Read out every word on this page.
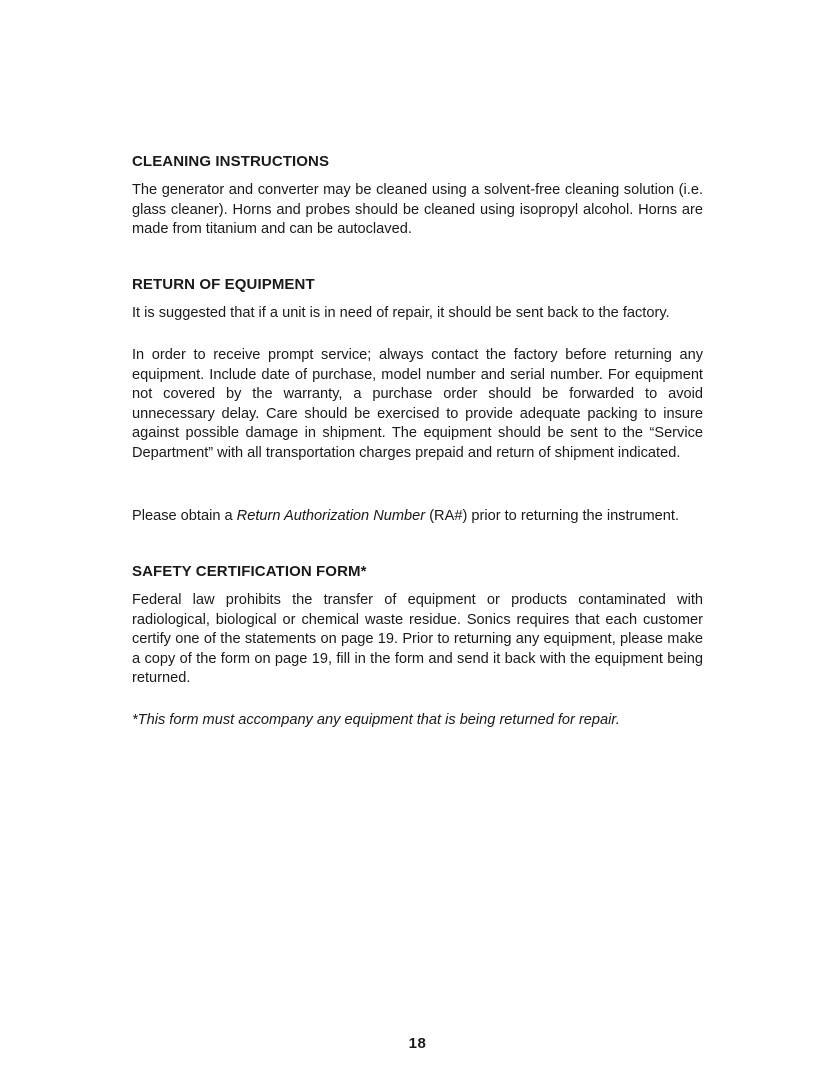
CLEANING INSTRUCTIONS

The generator and converter may be cleaned using a solvent-free cleaning solution (i.e. glass cleaner). Horns and probes should be cleaned using isopropyl alcohol. Horns are made from titanium and can be autoclaved.

RETURN OF EQUIPMENT

It is suggested that if a unit is in need of repair, it should be sent back to the factory.

In order to receive prompt service; always contact the factory before returning any equipment. Include date of purchase, model number and serial number. For equipment not covered by the warranty, a purchase order should be forwarded to avoid unnecessary delay. Care should be exercised to provide adequate packing to insure against possible damage in shipment. The equipment should be sent to the “Service Department” with all transportation charges prepaid and return of shipment indicated.

Please obtain a Return Authorization Number (RA#) prior to returning the instrument.

SAFETY CERTIFICATION FORM*

Federal law prohibits the transfer of equipment or products contaminated with radiological, biological or chemical waste residue. Sonics requires that each customer certify one of the statements on page 19. Prior to returning any equipment, please make a copy of the form on page 19, fill in the form and send it back with the equipment being returned.

*This form must accompany any equipment that is being returned for repair.

18
